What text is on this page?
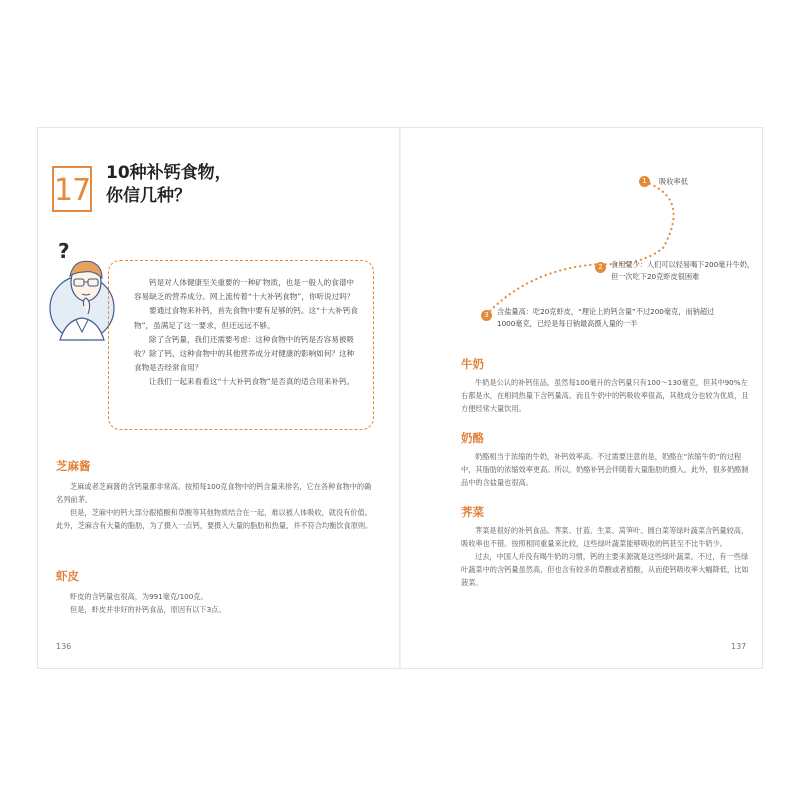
17 10种补钙食物，
你信几种？
?

钙是对人体健康至关重要的一种矿物质，也是一般人的食谱中容易缺乏的营养成分。网上流传着“十大补钙食物”，你听说过吗？

要通过食物来补钙，首先食物中要有足够的钙。这“十大补钙食物”，虽满足了这一要求，但还远远不够。

除了含钙量，我们还需要考虑：这种食物中的钙是否容易被吸收？除了钙，这种食物中的其他营养成分对健康的影响如何？这种食物是否经常食用？

让我们一起来看看这“十大补钙食物”是否真的适合用来补钙。

芝麻酱

芝麻或者芝麻酱的含钙量都非常高。按照每100克食物中的钙含量来排名，它在各种食物中的确名列前茅。

但是，芝麻中的钙大部分跟植酸和草酸等其他物质结合在一起，难以被人体吸收，就没有价值。此外，芝麻含有大量的脂肪，为了摄入一点钙，要摄入大量的脂肪和热量，并不符合均衡饮食原则。

虾皮

虾皮的含钙量也很高，为991毫克/100克。

但是，虾皮并非好的补钙食品，原因有以下3点。

136
1	吸收率低
2	食用量少：人们可以轻易喝下200毫升牛奶，但一次吃下20克虾皮很困难
3	含盐量高：吃20克虾皮，“理论上的钙含量”不过200毫克，而钠超过1000毫克，已经是每日钠最高摄入量的一半
牛奶

牛奶是公认的补钙佳品，虽然每100毫升的含钙量只有100～130毫克，但其中90%左右都是水，在相同热量下含钙量高。而且牛奶中的钙吸收率很高，其他成分也较为优质，且方便经常大量饮用。

奶酪

奶酪相当于浓缩的牛奶，补钙效率高。不过需要注意的是，奶酪在“浓缩牛奶”的过程中，其脂肪的浓缩效率更高。所以，奶酪补钙会伴随着大量脂肪的摄入。此外，很多奶酪制品中的含盐量也很高。

荠菜

荠菜是很好的补钙食品。荠菜、甘蓝、生菜、莴笋叶、圆白菜等绿叶蔬菜含钙量较高，吸收率也不错。按照相同重量来比较，这些绿叶蔬菜能够吸收的钙甚至不比牛奶少。

过去，中国人并没有喝牛奶的习惯，钙的主要来源就是这些绿叶蔬菜。不过，有一些绿叶蔬菜中的含钙量虽然高，但也含有较多的草酸或者植酸，从而使钙吸收率大幅降低，比如菠菜。

137
